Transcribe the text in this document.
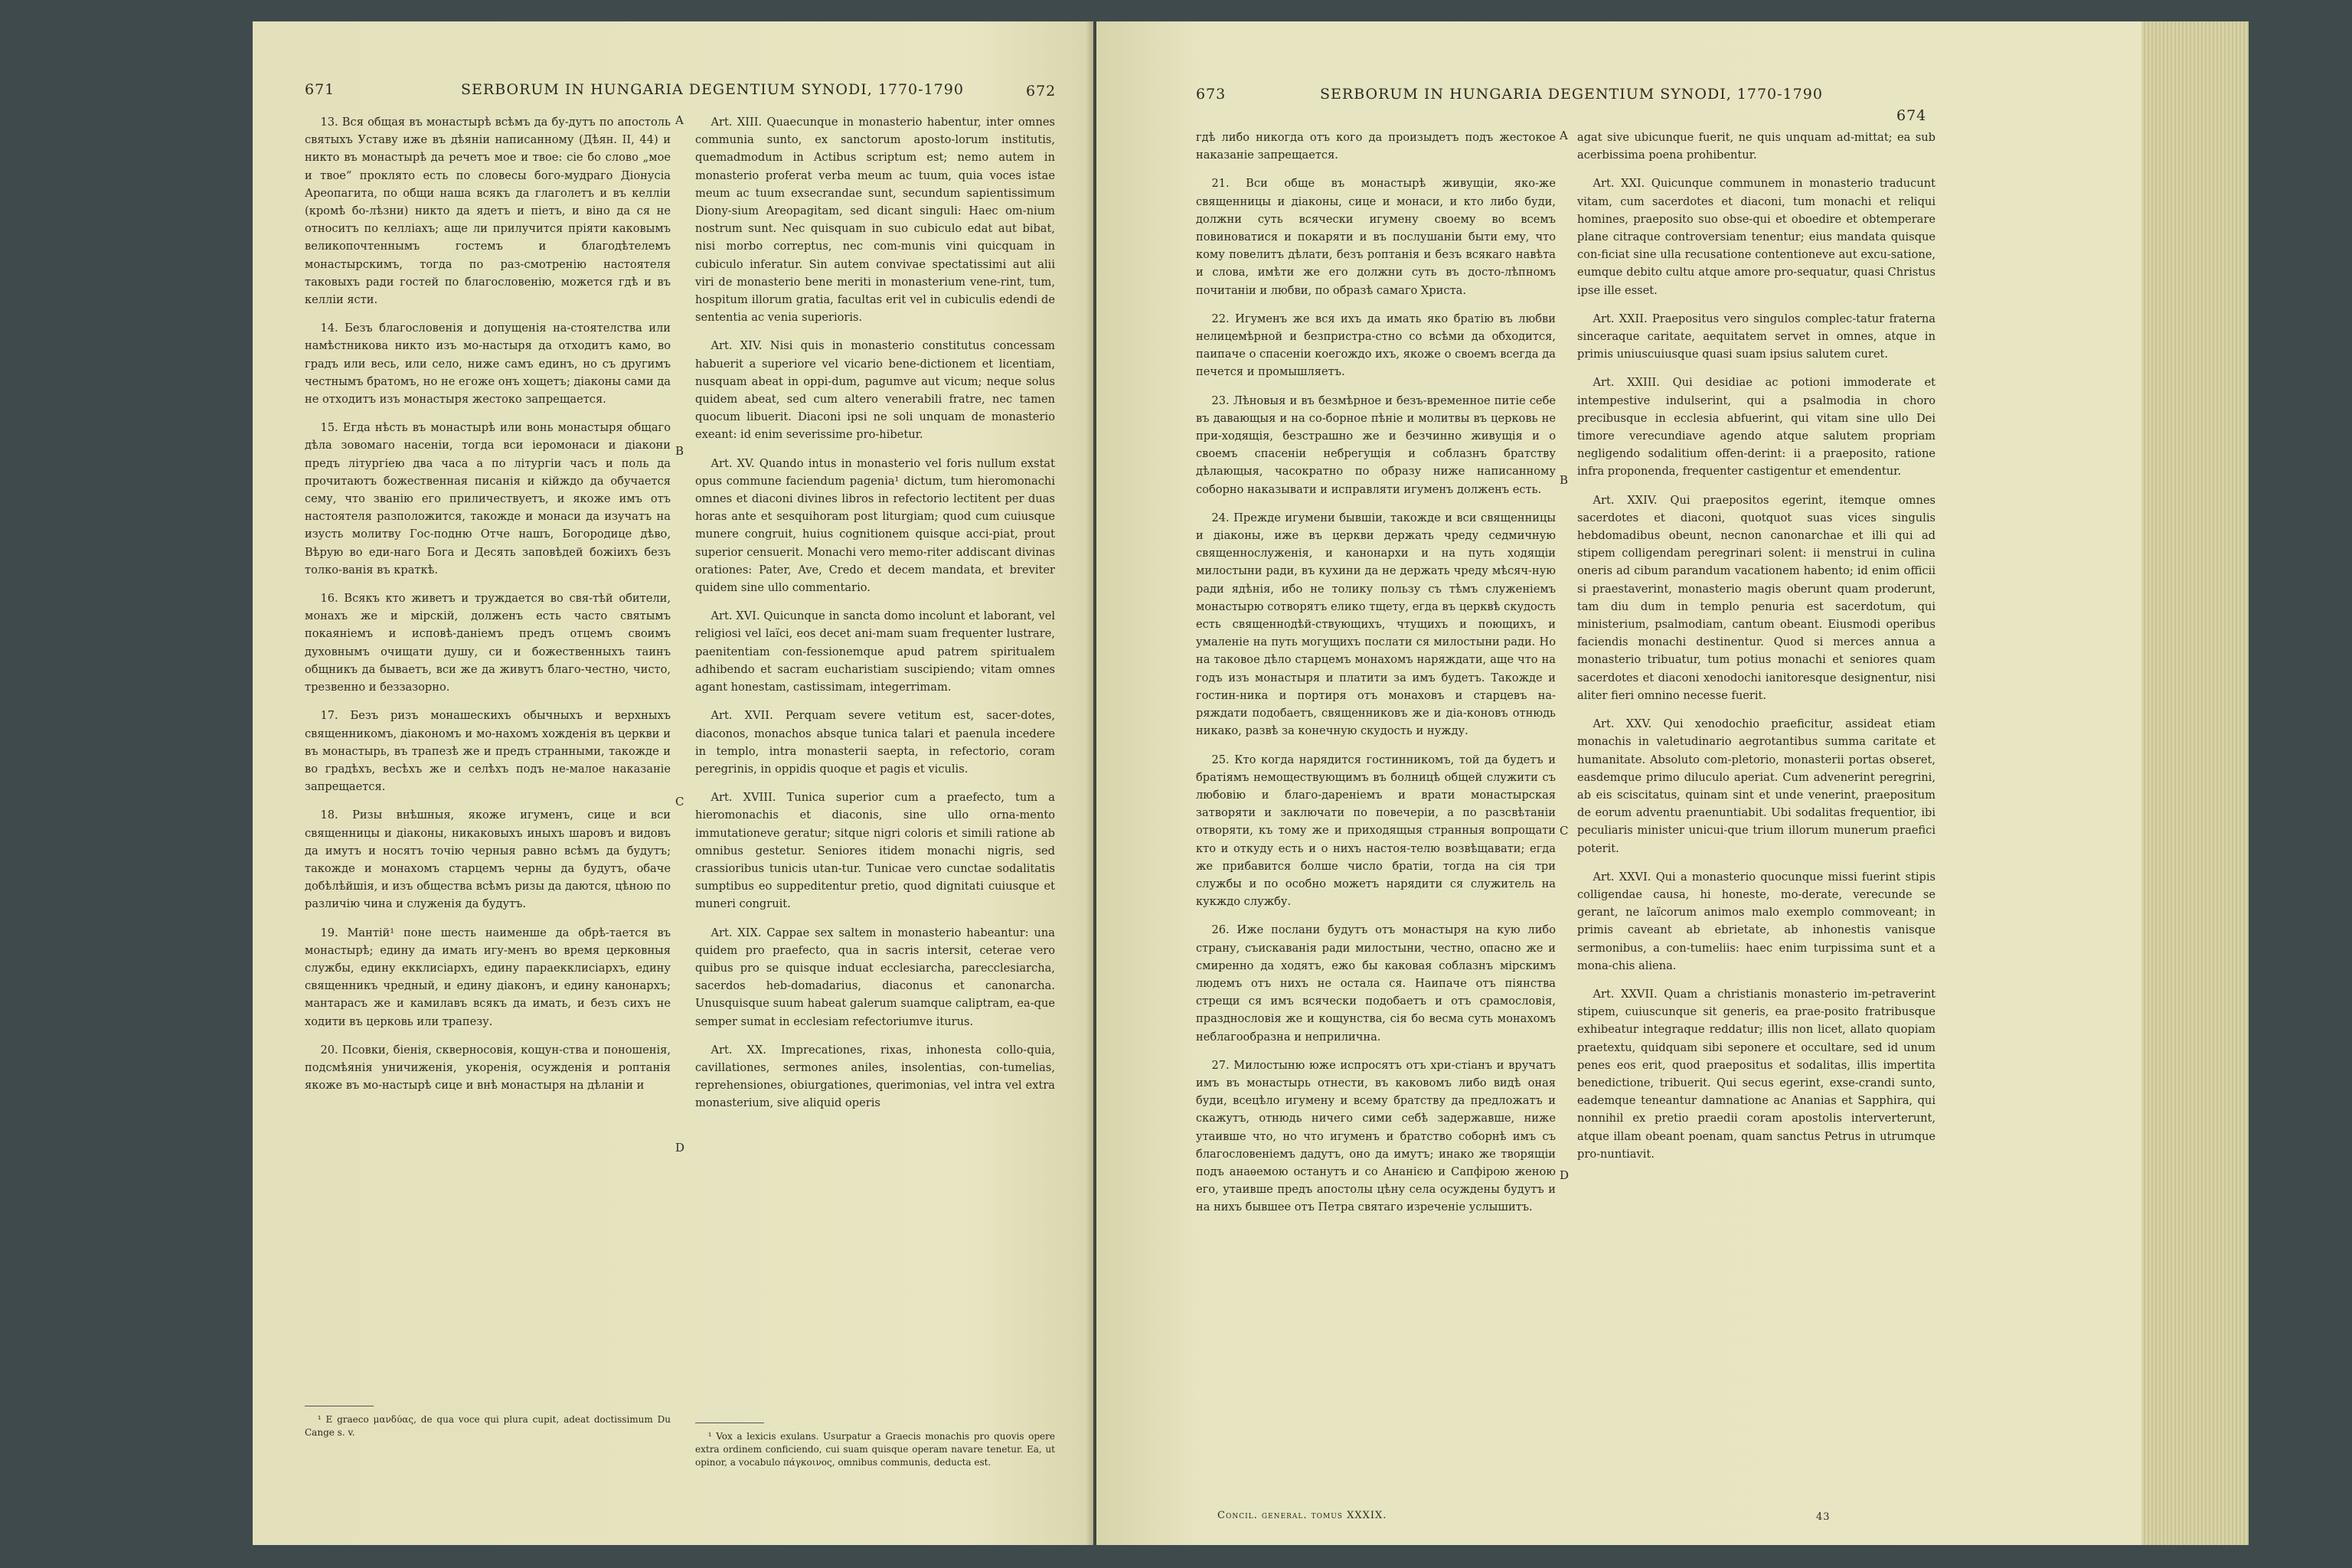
671	SERBORUM IN HUNGARIA DEGENTIUM SYNODI, 1770-1790	672

13. Вся общая въ монастырѣ всѣмъ да бу-дутъ по апостоль святыхъ Уставу иже въ дѣяніи написанному (Дѣян. II, 44) и никто въ монастырѣ да речетъ мое и твое: сіе бо слово „мое и твое“ проклято есть по словесы бого-мудраго Діонусіа Ареопагита, по общи наша всякъ да глаголетъ и въ келліи (кромѣ бо-лѣзни) никто да ядетъ и піетъ, и віно да ся не относитъ по келліахъ; аще ли прилучится пріяти каковымъ великопочтеннымъ гостемъ и благодѣтелемъ монастырскимъ, тогда по раз-смотренію настоятеля таковыхъ ради гостей по благословенію, можется гдѣ и въ келліи ясти.

14. Безъ благословенія и допущенія на-стоятелства или намѣстникова никто изъ мо-настыря да отходитъ камо, во градъ или весь, или село, ниже самъ единъ, но съ другимъ честнымъ братомъ, но не егоже онъ хощетъ; діаконы сами да не отходитъ изъ монастыря жестоко запрещается.

15. Егда нѣсть въ монастырѣ или вонь монастыря общаго дѣла зовомаго насеніи, тогда вси іеромонаси и діакони предъ літургіею два часа а по літургіи часъ и поль да прочитаютъ божественная писанія и кійждо да обучается сему, что званію его приличествуетъ, и якоже имъ отъ настоятеля разположится, такожде и монаси да изучатъ на изусть молитву Гос-подню Отче нашъ, Богородице дѣво, Вѣрую во еди-наго Бога и Десять заповѣдей божіихъ безъ толко-ванія въ краткѣ.

16. Всякъ кто живетъ и труждается во свя-тѣй обители, монахъ же и мірскій, долженъ есть часто святымъ покаяніемъ и исповѣ-даніемъ предъ отцемъ своимъ духовнымъ очищати душу, си и божественныхъ таинъ общникъ да бываетъ, вси же да живутъ благо-честно, чисто, трезвенно и беззазорно.

17. Безъ ризъ монашескихъ обычныхъ и верхныхъ священникомъ, діакономъ и мо-нахомъ хожденія въ церкви и въ монастырь, въ трапезѣ же и предъ странными, такожде и во градѣхъ, весѣхъ же и селѣхъ подъ не-малое наказаніе запрещается.

18. Ризы внѣшныя, якоже игуменъ, сице и вси священницы и діаконы, никаковыхъ иныхъ шаровъ и видовъ да имутъ и носятъ точію черныя равно всѣмъ да будутъ; такожде и монахомъ старцемъ черны да будутъ, обаче добѣлѣйшія, и изъ общества всѣмъ ризы да даются, цѣною по различію чина и служенія да будутъ.

19. Мантій¹ поне шесть наименше да обрѣ-тается въ монастырѣ; едину да имать игу-менъ во время церковныя службы, едину екклисіархъ, едину параекклисіархъ, едину священникъ чредный, и едину діаконъ, и едину канонархъ; мантарасъ же и камилавъ всякъ да имать, и безъ сихъ не ходити въ церковь или трапезу.

20. Псовки, біенія, скверносовія, кощун-ства и поношенія, подсмѣянія уничиженія, укоренія, осужденія и роптанія якоже въ мо-настырѣ сице и внѣ монастыря на дѣланіи и

A
B
C
D

Art. XIII. Quaecunque in monasterio habentur, inter omnes communia sunto, ex sanctorum aposto-lorum institutis, quemadmodum in Actibus scriptum est; nemo autem in monasterio proferat verba meum ac tuum, quia voces istae meum ac tuum exsecrandae sunt, secundum sapientissimum Diony-sium Areopagitam, sed dicant singuli: Haec om-nium nostrum sunt. Nec quisquam in suo cubiculo edat aut bibat, nisi morbo correptus, nec com-munis vini quicquam in cubiculo inferatur. Sin autem convivae spectatissimi aut alii viri de monasterio bene meriti in monasterium vene-rint, tum, hospitum illorum gratia, facultas erit vel in cubiculis edendi de sententia ac venia superioris.

Art. XIV. Nisi quis in monasterio constitutus concessam habuerit a superiore vel vicario bene-dictionem et licentiam, nusquam abeat in oppi-dum, pagumve aut vicum; neque solus quidem abeat, sed cum altero venerabili fratre, nec tamen quocum libuerit. Diaconi ipsi ne soli unquam de monasterio exeant: id enim severissime pro-hibetur.

Art. XV. Quando intus in monasterio vel foris nullum exstat opus commune faciendum pagenia¹ dictum, tum hieromonachi omnes et diaconi divines libros in refectorio lectitent per duas horas ante et sesquihoram post liturgiam; quod cum cuiusque munere congruit, huius cognitionem quisque acci-piat, prout superior censuerit. Monachi vero memo-riter addiscant divinas orationes: Pater, Ave, Credo et decem mandata, et breviter quidem sine ullo commentario.

Art. XVI. Quicunque in sancta domo incolunt et laborant, vel religiosi vel laïci, eos decet ani-mam suam frequenter lustrare, paenitentiam con-fessionemque apud patrem spiritualem adhibendo et sacram eucharistiam suscipiendo; vitam omnes agant honestam, castissimam, integerrimam.

Art. XVII. Perquam severe vetitum est, sacer-dotes, diaconos, monachos absque tunica talari et paenula incedere in templo, intra monasterii saepta, in refectorio, coram peregrinis, in oppidis quoque et pagis et viculis.

Art. XVIII. Tunica superior cum a praefecto, tum a hieromonachis et diaconis, sine ullo orna-mento immutationeve geratur; sitque nigri coloris et simili ratione ab omnibus gestetur. Seniores itidem monachi nigris, sed crassioribus tunicis utan-tur. Tunicae vero cunctae sodalitatis sumptibus eo suppeditentur pretio, quod dignitati cuiusque et muneri congruit.

Art. XIX. Cappae sex saltem in monasterio habeantur: una quidem pro praefecto, qua in sacris intersit, ceterae vero quibus pro se quisque induat ecclesiarcha, parecclesiarcha, sacerdos heb-domadarius, diaconus et canonarcha. Unusquisque suum habeat galerum suamque caliptram, ea-que semper sumat in ecclesiam refectoriumve iturus.

Art. XX. Imprecationes, rixas, inhonesta collo-quia, cavillationes, sermones aniles, insolentias, con-tumelias, reprehensiones, obiurgationes, querimonias, vel intra vel extra monasterium, sive aliquid operis

¹ E graeco μανδύας, de qua voce qui plura cupit, adeat doctissimum Du Cange s. v.	¹ Vox a lexicis exulans. Usurpatur a Graecis monachis pro quovis opere extra ordinem conficiendo, cui suam quisque operam navare tenetur. Ea, ut opinor, a vocabulo πάγκοινος, omnibus communis, deducta est.

673	SERBORUM IN HUNGARIA DEGENTIUM SYNODI, 1770-1790
674

гдѣ либо никогда отъ кого да произыдетъ подъ жестокое наказаніе запрещается.

21. Вси обще въ монастырѣ живущіи, яко-же священницы и діаконы, сице и монаси, и кто либо буди, должни суть всячески игумену своему во всемъ повиноватися и покаряти и въ послушаніи быти ему, что кому повелитъ дѣлати, безъ роптанія и безъ всякаго навѣта и слова, имѣти же его должни суть въ досто-лѣпномъ почитаніи и любви, по образѣ самаго Христа.

22. Игуменъ же вся ихъ да имать яко братію въ любви нелицемѣрной и безпристра-стно со всѣми да обходится, паипаче о спасеніи коегождо ихъ, якоже о своемъ всегда да печется и промышляетъ.

23. Лѣновыя и въ безмѣрное и безъ-временное питіе себе въ давающыя и на со-борное пѣніе и молитвы въ церковь не при-ходящія, безстрашно же и безчинно живущія и о своемъ спасеніи небрегущія и соблазнъ братству дѣлающыя, часократно по образу ниже написанному соборно наказывати и исправляти игуменъ долженъ есть.

24. Прежде игумени бывшіи, такожде и вси священницы и діаконы, иже въ церкви держать чреду седмичную священнослуженія, и канонархи и на путь ходящіи милостыни ради, въ кухини да не держать чреду мѣсяч-ную ради ядѣнія, ибо не толику пользу съ тѣмъ служеніемъ монастырю сотворятъ елико тщету, егда въ церквѣ скудость есть священнодѣй-ствующихъ, чтущихъ и поющихъ, и умаленіе на путь могущихъ послати ся милостыни ради. Но на таковое дѣло старцемъ монахомъ наряждати, аще что на годъ изъ монастыря и платити за имъ будетъ. Такожде и гостин-ника и портиря отъ монаховъ и старцевъ на-ряждати подобаетъ, священниковъ же и діа-коновъ отнюдь никако, развѣ за конечную скудость и нужду.

25. Кто когда нарядится гостинникомъ, той да будетъ и братіямъ немоществующимъ въ болницѣ общей служити съ любовію и благо-дареніемъ и врати монастырская затворяти и заключати по повечеріи, а по разсвѣтаніи отворяти, къ тому же и приходящыя странныя вопрощати кто и откуду есть и о нихъ настоя-телю возвѣщавати; егда же прибавится болше число братіи, тогда на сія три службы и по особно можетъ нарядити ся служитель на кукждо службу.

26. Иже послани будутъ отъ монастыря на кую либо страну, съискаванія ради милостыни, честно, опасно же и смиренно да ходятъ, ежо бы каковая соблазнъ мірскимъ людемъ отъ нихъ не остала ся. Наипаче отъ піянства стрещи ся имъ всячески подобаетъ и отъ срамословія, празднословія же и кощунства, сія бо весма суть монахомъ неблагообразна и неприлична.

27. Милостыню юже испросятъ отъ хри-стіанъ и вручатъ имъ въ монастырь отнести, въ каковомъ либо видѣ оная буди, всецѣло игумену и всему братству да предложатъ и скажутъ, отнюдь ничего сими себѣ задержавше, ниже утаивше что, но что игуменъ и братство соборнѣ имъ съ благословеніемъ дадутъ, оно да имутъ; инако же творящіи подъ анаѳемою останутъ и со Ананією и Сапфірою женою его, утаивше предъ апостолы цѣну села осуждены будутъ и на нихъ бывшее отъ Петра святаго изреченіе услышитъ.

A
B
C
D

agat sive ubicunque fuerit, ne quis unquam ad-mittat; ea sub acerbissima poena prohibentur.

Art. XXI. Quicunque communem in monasterio traducunt vitam, cum sacerdotes et diaconi, tum monachi et reliqui homines, praeposito suo obse-qui et oboedire et obtemperare plane citraque controversiam tenentur; eius mandata quisque con-ficiat sine ulla recusatione contentioneve aut excu-satione, eumque debito cultu atque amore pro-sequatur, quasi Christus ipse ille esset.

Art. XXII. Praepositus vero singulos complec-tatur fraterna sinceraque caritate, aequitatem servet in omnes, atque in primis uniuscuiusque quasi suam ipsius salutem curet.

Art. XXIII. Qui desidiae ac potioni immoderate et intempestive indulserint, qui a psalmodia in choro precibusque in ecclesia abfuerint, qui vitam sine ullo Dei timore verecundiave agendo atque salutem propriam negligendo sodalitium offen-derint: ii a praeposito, ratione infra proponenda, frequenter castigentur et emendentur.

Art. XXIV. Qui praepositos egerint, itemque omnes sacerdotes et diaconi, quotquot suas vices singulis hebdomadibus obeunt, necnon canonarchae et illi qui ad stipem colligendam peregrinari solent: ii menstrui in culina oneris ad cibum parandum vacationem habento; id enim officii si praestaverint, monasterio magis oberunt quam proderunt, tam diu dum in templo penuria est sacerdotum, qui ministerium, psalmodiam, cantum obeant. Eiusmodi operibus faciendis monachi destinentur. Quod si merces annua a monasterio tribuatur, tum potius monachi et seniores quam sacerdotes et diaconi xenodochi ianitoresque designentur, nisi aliter fieri omnino necesse fuerit.

Art. XXV. Qui xenodochio praeficitur, assideat etiam monachis in valetudinario aegrotantibus summa caritate et humanitate. Absoluto com-pletorio, monasterii portas obseret, easdemque primo diluculo aperiat. Cum advenerint peregrini, ab eis sciscitatus, quinam sint et unde venerint, praepositum de eorum adventu praenuntiabit. Ubi sodalitas frequentior, ibi peculiaris minister unicui-que trium illorum munerum praefici poterit.

Art. XXVI. Qui a monasterio quocunque missi fuerint stipis colligendae causa, hi honeste, mo-derate, verecunde se gerant, ne laïcorum animos malo exemplo commoveant; in primis caveant ab ebrietate, ab inhonestis vanisque sermonibus, a con-tumeliis: haec enim turpissima sunt et a mona-chis aliena.

Art. XXVII. Quam a christianis monasterio im-petraverint stipem, cuiuscunque sit generis, ea prae-posito fratribusque exhibeatur integraque reddatur; illis non licet, allato quopiam praetextu, quidquam sibi seponere et occultare, sed id unum penes eos erit, quod praepositus et sodalitas, illis impertita benedictione, tribuerit. Qui secus egerint, exse-crandi sunto, eademque teneantur damnatione ac Ananias et Sapphira, qui nonnihil ex pretio praedii coram apostolis interverterunt, atque illam obeant poenam, quam sanctus Petrus in utrumque pro-nuntiavit.

Concil. general. tomus XXXIX.	43
